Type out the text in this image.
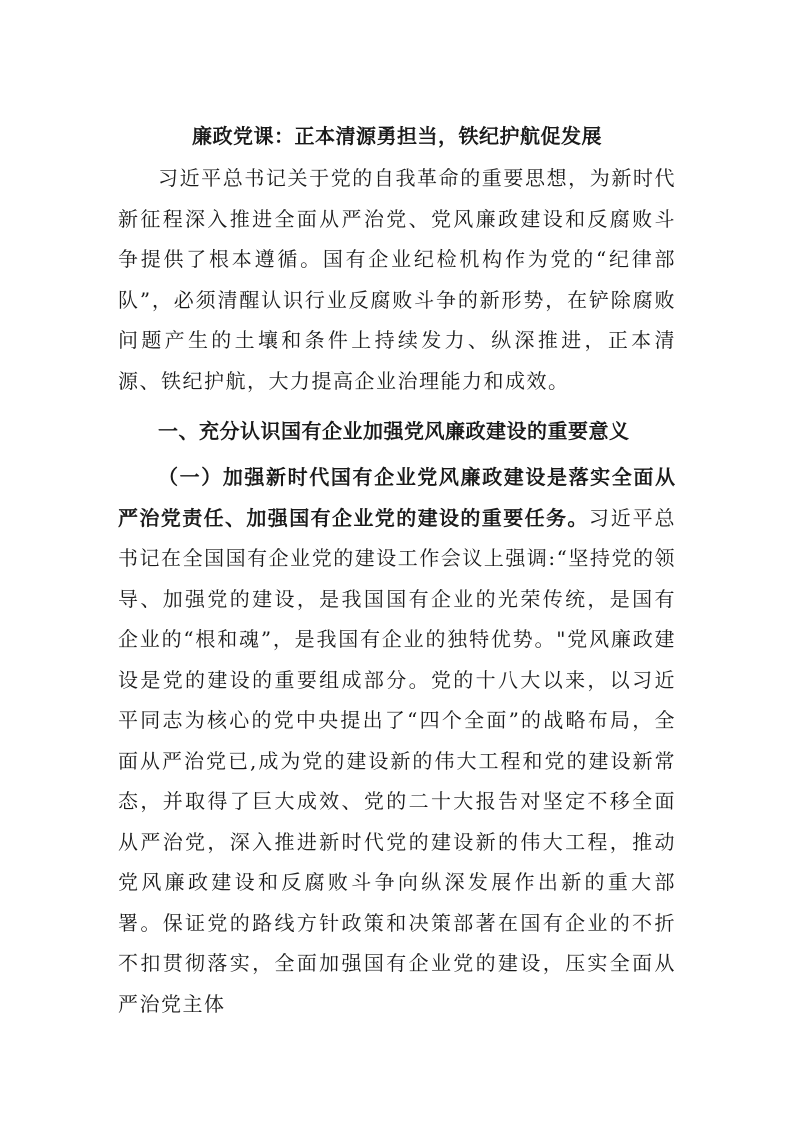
廉政党课：正本清源勇担当，铁纪护航促发展

习近平总书记关于党的自我革命的重要思想，为新时代新征程深入推进全面从严治党、党风廉政建设和反腐败斗争提供了根本遵循。国有企业纪检机构作为党的“纪律部队”，必须清醒认识行业反腐败斗争的新形势，在铲除腐败问题产生的土壤和条件上持续发力、纵深推进，正本清源、铁纪护航，大力提高企业治理能力和成效。

一、充分认识国有企业加强党风廉政建设的重要意义

（一）加强新时代国有企业党风廉政建设是落实全面从严治党责任、加强国有企业党的建设的重要任务。习近平总书记在全国国有企业党的建设工作会议上强调:“坚持党的领导、加强党的建设，是我国国有企业的光荣传统，是国有企业的“根和魂”，是我国有企业的独特优势。"党风廉政建设是党的建设的重要组成部分。党的十八大以来，以习近平同志为核心的党中央提出了“四个全面”的战略布局，全面从严治党已,成为党的建设新的伟大工程和党的建设新常态，并取得了巨大成效、党的二十大报告对坚定不移全面从严治党，深入推进新时代党的建设新的伟大工程，推动党风廉政建设和反腐败斗争向纵深发展作出新的重大部署。保证党的路线方针政策和决策部著在国有企业的不折不扣贯彻落实，全面加强国有企业党的建设，压实全面从严治党主体
